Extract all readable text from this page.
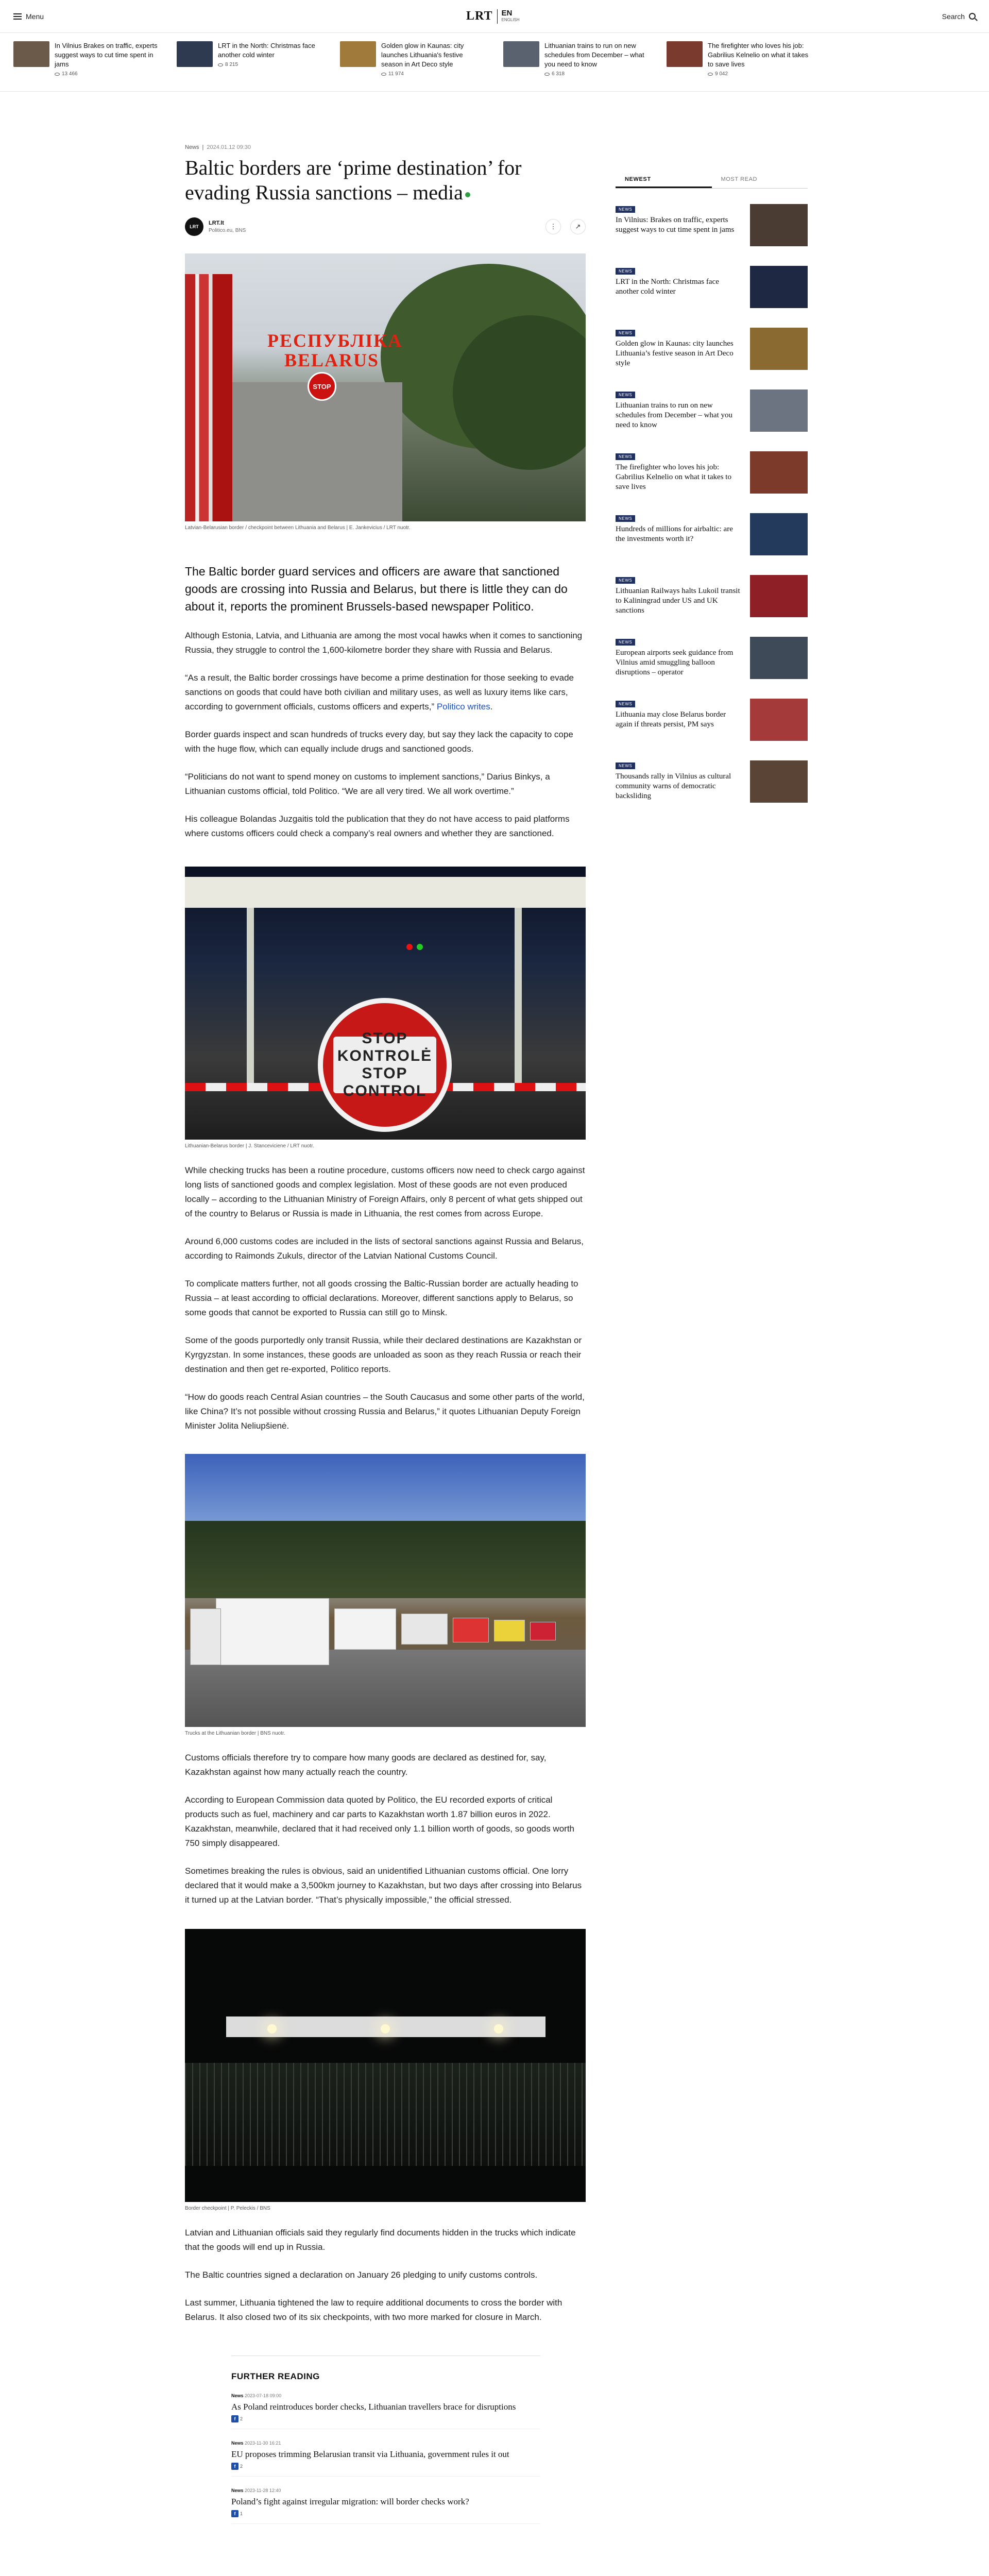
Menu	LRT EN
ENGLISH	Search
In Vilnius Brakes on traffic, experts suggest ways to cut time spent in jams
13 466
LRT in the North: Christmas face another cold winter
8 215
Golden glow in Kaunas: city launches Lithuania's festive season in Art Deco style
11 974
Lithuanian trains to run on new schedules from December – what you need to know
6 318
The firefighter who loves his job: Gabrilius Kelnelio on what it takes to save lives
9 042
News | 2024.01.12 09:30
Baltic borders are ‘prime destination’ for evading Russia sanctions – media
LRT
LRT.lt
Politico.eu, BNS
⋮	↗
РЕСПУБЛIКА
BELARUS
STOP
Latvian-Belarusian border / checkpoint between Lithuania and Belarus | E. Jankevicius / LRT nuotr.

The Baltic border guard services and officers are aware that sanctioned goods are crossing into Russia and Belarus, but there is little they can do about it, reports the prominent Brussels-based newspaper Politico.

Although Estonia, Latvia, and Lithuania are among the most vocal hawks when it comes to sanctioning Russia, they struggle to control the 1,600-kilometre border they share with Russia and Belarus.

“As a result, the Baltic border crossings have become a prime destination for those seeking to evade sanctions on goods that could have both civilian and military uses, as well as luxury items like cars, according to government officials, customs officers and experts,” Politico writes.

Border guards inspect and scan hundreds of trucks every day, but say they lack the capacity to cope with the huge flow, which can equally include drugs and sanctioned goods.

“Politicians do not want to spend money on customs to implement sanctions,” Darius Binkys, a Lithuanian customs official, told Politico. “We are all very tired. We all work overtime.”

His colleague Bolandas Juzgaitis told the publication that they do not have access to paid platforms where customs officers could check a company’s real owners and whether they are sanctioned.

STOP
KONTROLĖ
STOP
CONTROL
Lithuanian-Belarus border | J. Stanceviciene / LRT nuotr.

While checking trucks has been a routine procedure, customs officers now need to check cargo against long lists of sanctioned goods and complex legislation. Most of these goods are not even produced locally – according to the Lithuanian Ministry of Foreign Affairs, only 8 percent of what gets shipped out of the country to Belarus or Russia is made in Lithuania, the rest comes from across Europe.

Around 6,000 customs codes are included in the lists of sectoral sanctions against Russia and Belarus, according to Raimonds Zukuls, director of the Latvian National Customs Council.

To complicate matters further, not all goods crossing the Baltic-Russian border are actually heading to Russia – at least according to official declarations. Moreover, different sanctions apply to Belarus, so some goods that cannot be exported to Russia can still go to Minsk.

Some of the goods purportedly only transit Russia, while their declared destinations are Kazakhstan or Kyrgyzstan. In some instances, these goods are unloaded as soon as they reach Russia or reach their destination and then get re-exported, Politico reports.

“How do goods reach Central Asian countries – the South Caucasus and some other parts of the world, like China? It’s not possible without crossing Russia and Belarus,” it quotes Lithuanian Deputy Foreign Minister Jolita Neliupšienė.

Trucks at the Lithuanian border | BNS nuotr.

Customs officials therefore try to compare how many goods are declared as destined for, say, Kazakhstan against how many actually reach the country.

According to European Commission data quoted by Politico, the EU recorded exports of critical products such as fuel, machinery and car parts to Kazakhstan worth 1.87 billion euros in 2022. Kazakhstan, meanwhile, declared that it had received only 1.1 billion worth of goods, so goods worth 750 simply disappeared.

Sometimes breaking the rules is obvious, said an unidentified Lithuanian customs official. One lorry declared that it would make a 3,500km journey to Kazakhstan, but two days after crossing into Belarus it turned up at the Latvian border. “That’s physically impossible,” the official stressed.

Border checkpoint | P. Peleckis / BNS

Latvian and Lithuanian officials said they regularly find documents hidden in the trucks which indicate that the goods will end up in Russia.

The Baltic countries signed a declaration on January 26 pledging to unify customs controls.

Last summer, Lithuania tightened the law to require additional documents to cross the border with Belarus. It also closed two of its six checkpoints, with two more marked for closure in March.

FURTHER READING
News 2023-07-18 09:00
As Poland reintroduces border checks, Lithuanian travellers brace for disruptions
f 2
News 2023-11-30 16:21
EU proposes trimming Belarusian transit via Lithuania, government rules it out
f 2
News 2023-11-28 12:40
Poland’s fight against irregular migration: will border checks work?
f 1

NEWEST	MOST READ
NEWS
In Vilnius: Brakes on traffic, experts suggest ways to cut time spent in jams
NEWS
LRT in the North: Christmas face another cold winter
NEWS
Golden glow in Kaunas: city launches Lithuania’s festive season in Art Deco style
NEWS
Lithuanian trains to run on new schedules from December – what you need to know
NEWS
The firefighter who loves his job: Gabrilius Kelnelio on what it takes to save lives
NEWS
Hundreds of millions for airbaltic: are the investments worth it?
NEWS
Lithuanian Railways halts Lukoil transit to Kaliningrad under US and UK sanctions
NEWS
European airports seek guidance from Vilnius amid smuggling balloon disruptions – operator
NEWS
Lithuania may close Belarus border again if threats persist, PM says
NEWS
Thousands rally in Vilnius as cultural community warns of democratic backsliding
